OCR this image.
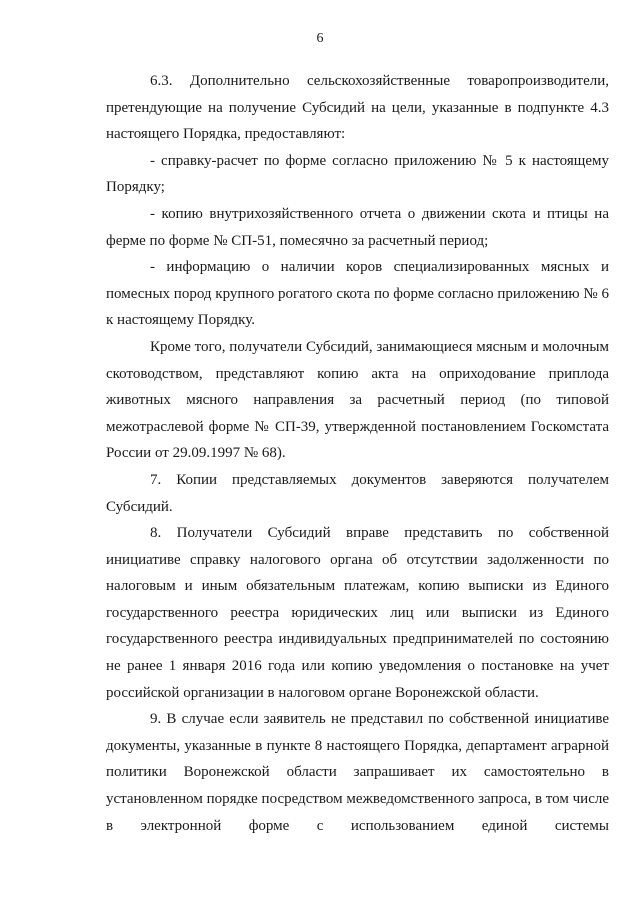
6

6.3. Дополнительно сельскохозяйственные товаропроизводители, претендующие на получение Субсидий на цели, указанные в подпункте 4.3 настоящего Порядка, предоставляют:

- справку-расчет по форме согласно приложению № 5 к настоящему Порядку;

- копию внутрихозяйственного отчета о движении скота и птицы на ферме по форме № СП-51, помесячно за расчетный период;

- информацию о наличии коров специализированных мясных и помесных пород крупного рогатого скота по форме согласно приложению № 6 к настоящему Порядку.

Кроме того, получатели Субсидий, занимающиеся мясным и молочным скотоводством, представляют копию акта на оприходование приплода животных мясного направления за расчетный период (по типовой межотраслевой форме № СП-39, утвержденной постановлением Госкомстата России от 29.09.1997 № 68).

7. Копии представляемых документов заверяются получателем Субсидий.

8. Получатели Субсидий вправе представить по собственной инициативе справку налогового органа об отсутствии задолженности по налоговым и иным обязательным платежам, копию выписки из Единого государственного реестра юридических лиц или выписки из Единого государственного реестра индивидуальных предпринимателей по состоянию не ранее 1 января 2016 года или копию уведомления о постановке на учет российской организации в налоговом органе Воронежской области.

9. В случае если заявитель не представил по собственной инициативе документы, указанные в пункте 8 настоящего Порядка, департамент аграрной политики Воронежской области запрашивает их самостоятельно в установленном порядке посредством межведомственного запроса, в том числе в электронной форме с использованием единой системы
